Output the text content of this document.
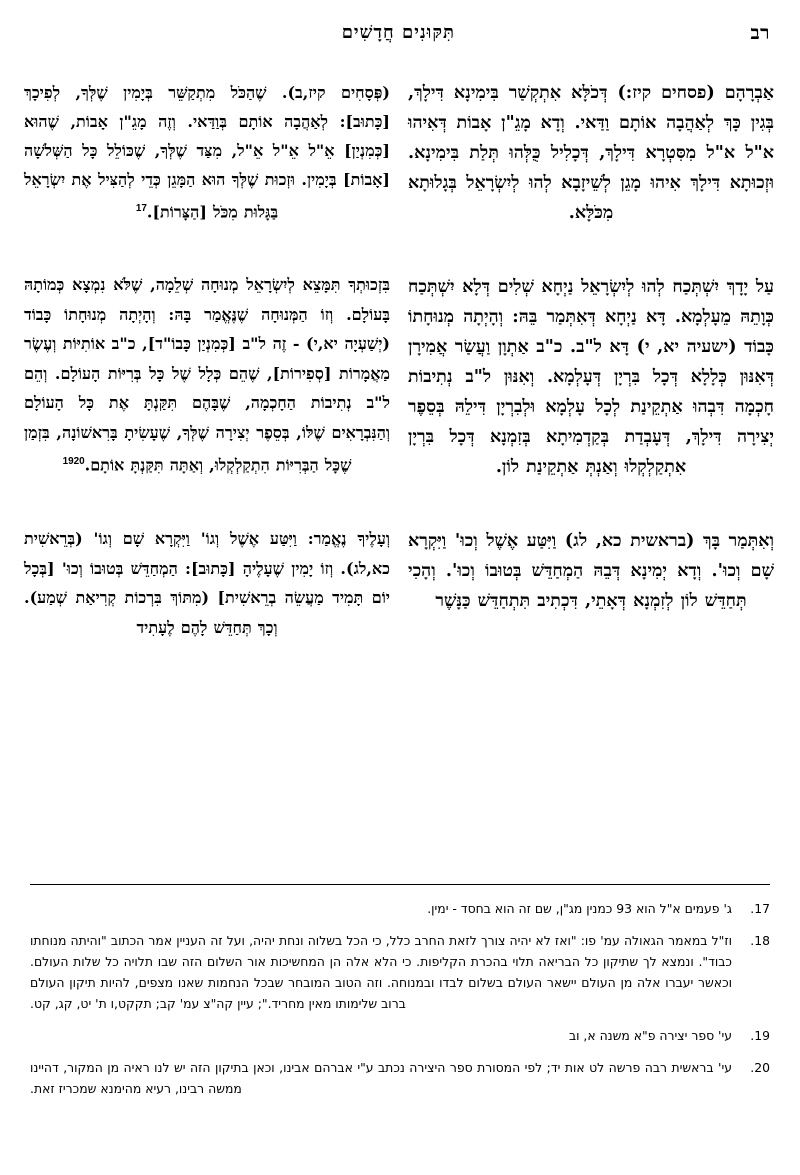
רב
תִּקּוּנִים חֲדָשִׁים

אַבְרָהָם (פסחים קיז:) דְּכֹלָּא אִתְקְשַׁר בִּימִינָא דִּילָךְ, בְּגִין כָּךְ לְאַהֲבָה אוֹתָם וַדַּאי. וְדָא מָגֵ"ן אָבוֹת דְּאִיהוּ א"ל א"ל מִסִּטְרָא דִּילָךְ, דְּכָלִיל כֻּלְּהוּ תְּלַת בִּימִינָא. וּזְכוּתָא דִּילָךְ אִיהוּ מָגֵן לְשֵׁיזָבָא לְהוּ לְיִשְׂרָאֵל בְּגָלוּתָא מִכֹּלָּא.

עַל יָדָךְ יִשְׁתְּכַח לְהוּ לְיִשְׂרָאֵל נַיְחָא שְׁלִים דְּלָא יִשְׁתְּכַח כְּוָתֵהּ מֵעָלְמָא. דָּא נַיְחָא דְּאִתְּמַר בֵּהּ: וְהָיְתָה מְנוּחָתוֹ כָּבוֹד (ישעיה יא, י) דָּא ל"ב. כ"ב אַתְוָן וַעֲשַׂר אֲמִירָן דְּאִנּוּן כְּלָלָא דְּכָל בִּרְיָן דְּעָלְמָא. וְאִנּוּן ל"ב נְתִיבוֹת חָכְמָה דִּבְהוּ אַתְקֵינַת לְכָל עָלְמָא וּלְבִרְיָן דִּילֵהּ בְּסֵפֶר יְצִירָה דִּילָךְ, דְּעָבְדַת בְּקַדְמִיתָא בְּזִמְנָא דְּכָל בִּרְיָן אִתְקַלְקְלוּ וְאַנְתְּ אַתְקֵינַת לוֹן.

וְאִתְּמַר בָּךְ (בראשית כא, לג) וַיִּטַּע אֶשֶׁל וְכוּ' וַיִּקְרָא שָׁם וְכוּ'. וְדָא יְמִינָא דְּבֵהּ הַמְחַדֵּשׁ בְּטוּבוֹ וְכוּ'. וְהָכִי תְּחַדֵּשׁ לוֹן לְזִמְנָא דְּאָתֵי, דִּכְתִיב תִּתְחַדֵּשׁ כַּנָּשֶׁר

(פְּסָחִים קיז,ב). שֶׁהַכֹּל מִתְקַשֵּׁר בְּיָמִין שֶׁלְּךָ, לְפִיכָךְ [כָּתוּב]: לְאַהֲבָה אוֹתָם בְּוַדַּאי. וְזֶה מָגֵ"ן אָבוֹת, שֶׁהוּא [כְּמִנְיַן] אֵ"ל אֵ"ל אֵ"ל, מִצַּד שֶׁלְּךָ, שֶׁכּוֹלֵל כָּל הַשְּׁלֹשָׁה [אָבוֹת] בְּיָמִין. וּזְכוּת שֶׁלְּךָ הוּא הַמָּגֵן כְּדֵי לְהַצִּיל אֶת יִשְׂרָאֵל בַּגָּלוּת מִכֹּל [הַצָּרוֹת].$^{17}$

בִּזְכוּתְךָ תִּמָּצֵא לְיִשְׂרָאֵל מְנוּחָה שְׁלֵמָה, שֶׁלֹּא נִמְצָא כְּמוֹתָהּ בָּעוֹלָם. וְזוֹ הַמְּנוּחָה שֶׁנֶּאֱמַר בָּהּ: וְהָיְתָה מְנוּחָתוֹ כָּבוֹד (יְשַׁעְיָה יא,י) - זֶה ל"ב [כְּמִנְיַן כָּבוֹ"ד], כ"ב אוֹתִיּוֹת וְעֶשֶׂר מַאֲמָרוֹת [סְפִירוֹת], שֶׁהֵם כְּלָל שֶׁל כָּל בְּרִיּוֹת הָעוֹלָם. וְהֵם ל"ב נְתִיבוֹת הַחָכְמָה, שֶׁבָּהֶם תִּקַּנְתָּ אֶת כָּל הָעוֹלָם וְהַנִּבְרָאִים שֶׁלּוֹ, בְּסֵפֶר יְצִירָה שֶׁלְּךָ, שֶׁעָשִׂיתָ בָּרִאשׁוֹנָה, בִּזְמַן שֶׁכָּל הַבְּרִיּוֹת הִתְקַלְקְלוּ, וְאַתָּה תִּקַּנְתָּ אוֹתָם.$^{1920}$

וְעָלֶיךָ נֶאֱמַר: וַיִּטַּע אֶשֶׁל וְגוֹ' וַיִּקְרָא שָׁם וְגוֹ' (בְּרֵאשִׁית כא,לג). וְזוֹ יָמִין שֶׁעָלֶיהָ [כָּתוּב]: הַמְחַדֵּשׁ בְּטוּבוֹ וְכוּ' [בְּכָל יוֹם תָּמִיד מַעֲשֵׂה בְרֵאשִׁית] (מִתּוֹךְ בִּרְכוֹת קְרִיאַת שְׁמַע). וְכָךְ תְּחַדֵּשׁ לָהֶם לֶעָתִיד

17.
ג' פעמים א"ל הוא 93 כמנין מג"ן, שם זה הוא בחסד - ימין.
18.
וז"ל במאמר הגאולה עמ' פו: "ואז לא יהיה צורך לזאת החרב כלל, כי הכל בשלוה ונחת יהיה, ועל זה העניין אמר הכתוב "והיתה מנוחתו כבוד". ונמצא לך שתיקון כל הבריאה תלוי בהכרת הקליפות. כי הלא אלה הן המחשיכות אור השלום הזה שבו תלויה כל שלות העולם. וכאשר יעברו אלה מן העולם יישאר העולם בשלום לבדו ובמנוחה. וזה הטוב המובחר שבכל הנחמות שאנו מצפים, להיות תיקון העולם ברוב שלימותו מאין מחריד."; עיין קה"צ עמ' קב; תקקט,ו ת' יט, קג, קט.
19.
עי' ספר יצירה פ"א משנה א, וב
20.
עי' בראשית רבה פרשה לט אות יד; לפי המסורת ספר היצירה נכתב ע"י אברהם אבינו, וכאן בתיקון הזה יש לנו ראיה מן המקור, דהיינו ממשה רבינו, רעיא מהימנא שמכריז זאת.
